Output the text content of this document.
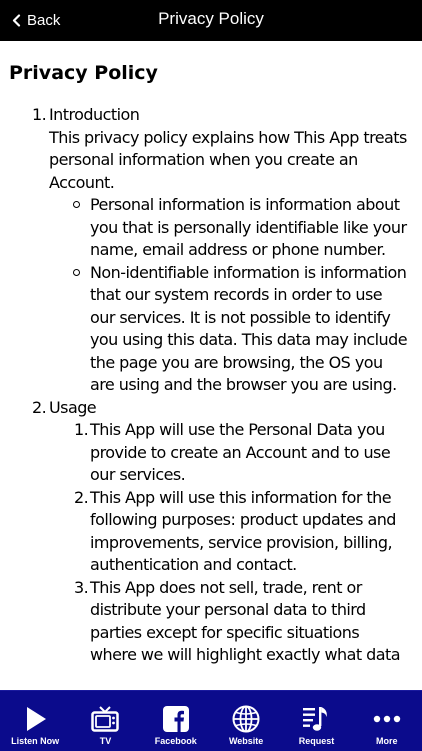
Back	Privacy Policy
Privacy Policy
1. Introduction

This privacy policy explains how This App treats personal information when you create an Account.

Personal information is information about you that is personally identifiable like your name, email address or phone number.
Non-identifiable information is information that our system records in order to use our services. It is not possible to identify you using this data. This data may include the page you are browsing, the OS you are using and the browser you are using.
2. Usage

1. This App will use the Personal Data you provide to create an Account and to use our services.
2. This App will use this information for the following purposes: product updates and improvements, service provision, billing, authentication and contact.
3. This App does not sell, trade, rent or distribute your personal data to third parties except for specific situations where we will highlight exactly what data
Listen Now	TV	Facebook	Website	Request	More
